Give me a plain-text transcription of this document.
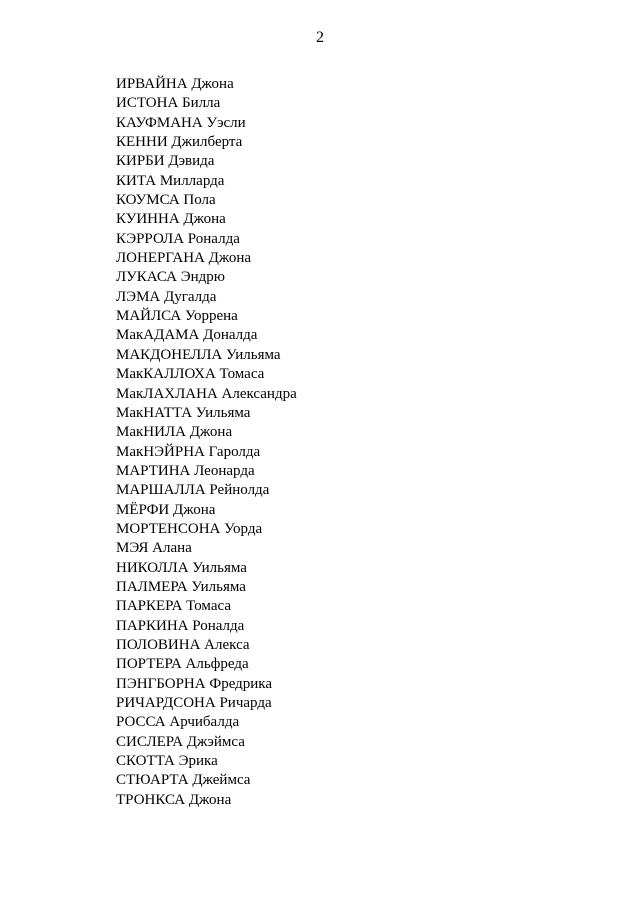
2
ИРВАЙНА Джона
ИСТОНА Билла
КАУФМАНА Уэсли
КЕННИ Джилберта
КИРБИ Дэвида
КИТА Милларда
КОУМСА Пола
КУИННА Джона
КЭРРОЛА Роналда
ЛОНЕРГАНА Джона
ЛУКАСА Эндрю
ЛЭМА Дугалда
МАЙЛСА Уоррена
МакАДАМА Доналда
МАКДОНЕЛЛА Уильяма
МакКАЛЛОХА Томаса
МакЛАХЛАНА Александра
МакНАТТА Уильяма
МакНИЛА Джона
МакНЭЙРНА Гаролда
МАРТИНА Леонарда
МАРШАЛЛА Рейнолда
МЁРФИ Джона
МОРТЕНСОНА Уорда
МЭЯ Алана
НИКОЛЛА Уильяма
ПАЛМЕРА Уильяма
ПАРКЕРА Томаса
ПАРКИНА Роналда
ПОЛОВИНА Алекса
ПОРТЕРА Альфреда
ПЭНГБОРНА Фредрика
РИЧАРДСОНА Ричарда
РОССА Арчибалда
СИСЛЕРА Джэймса
СКОТТА Эрика
СТЮАРТА Джеймса
ТРОНКСА Джона
